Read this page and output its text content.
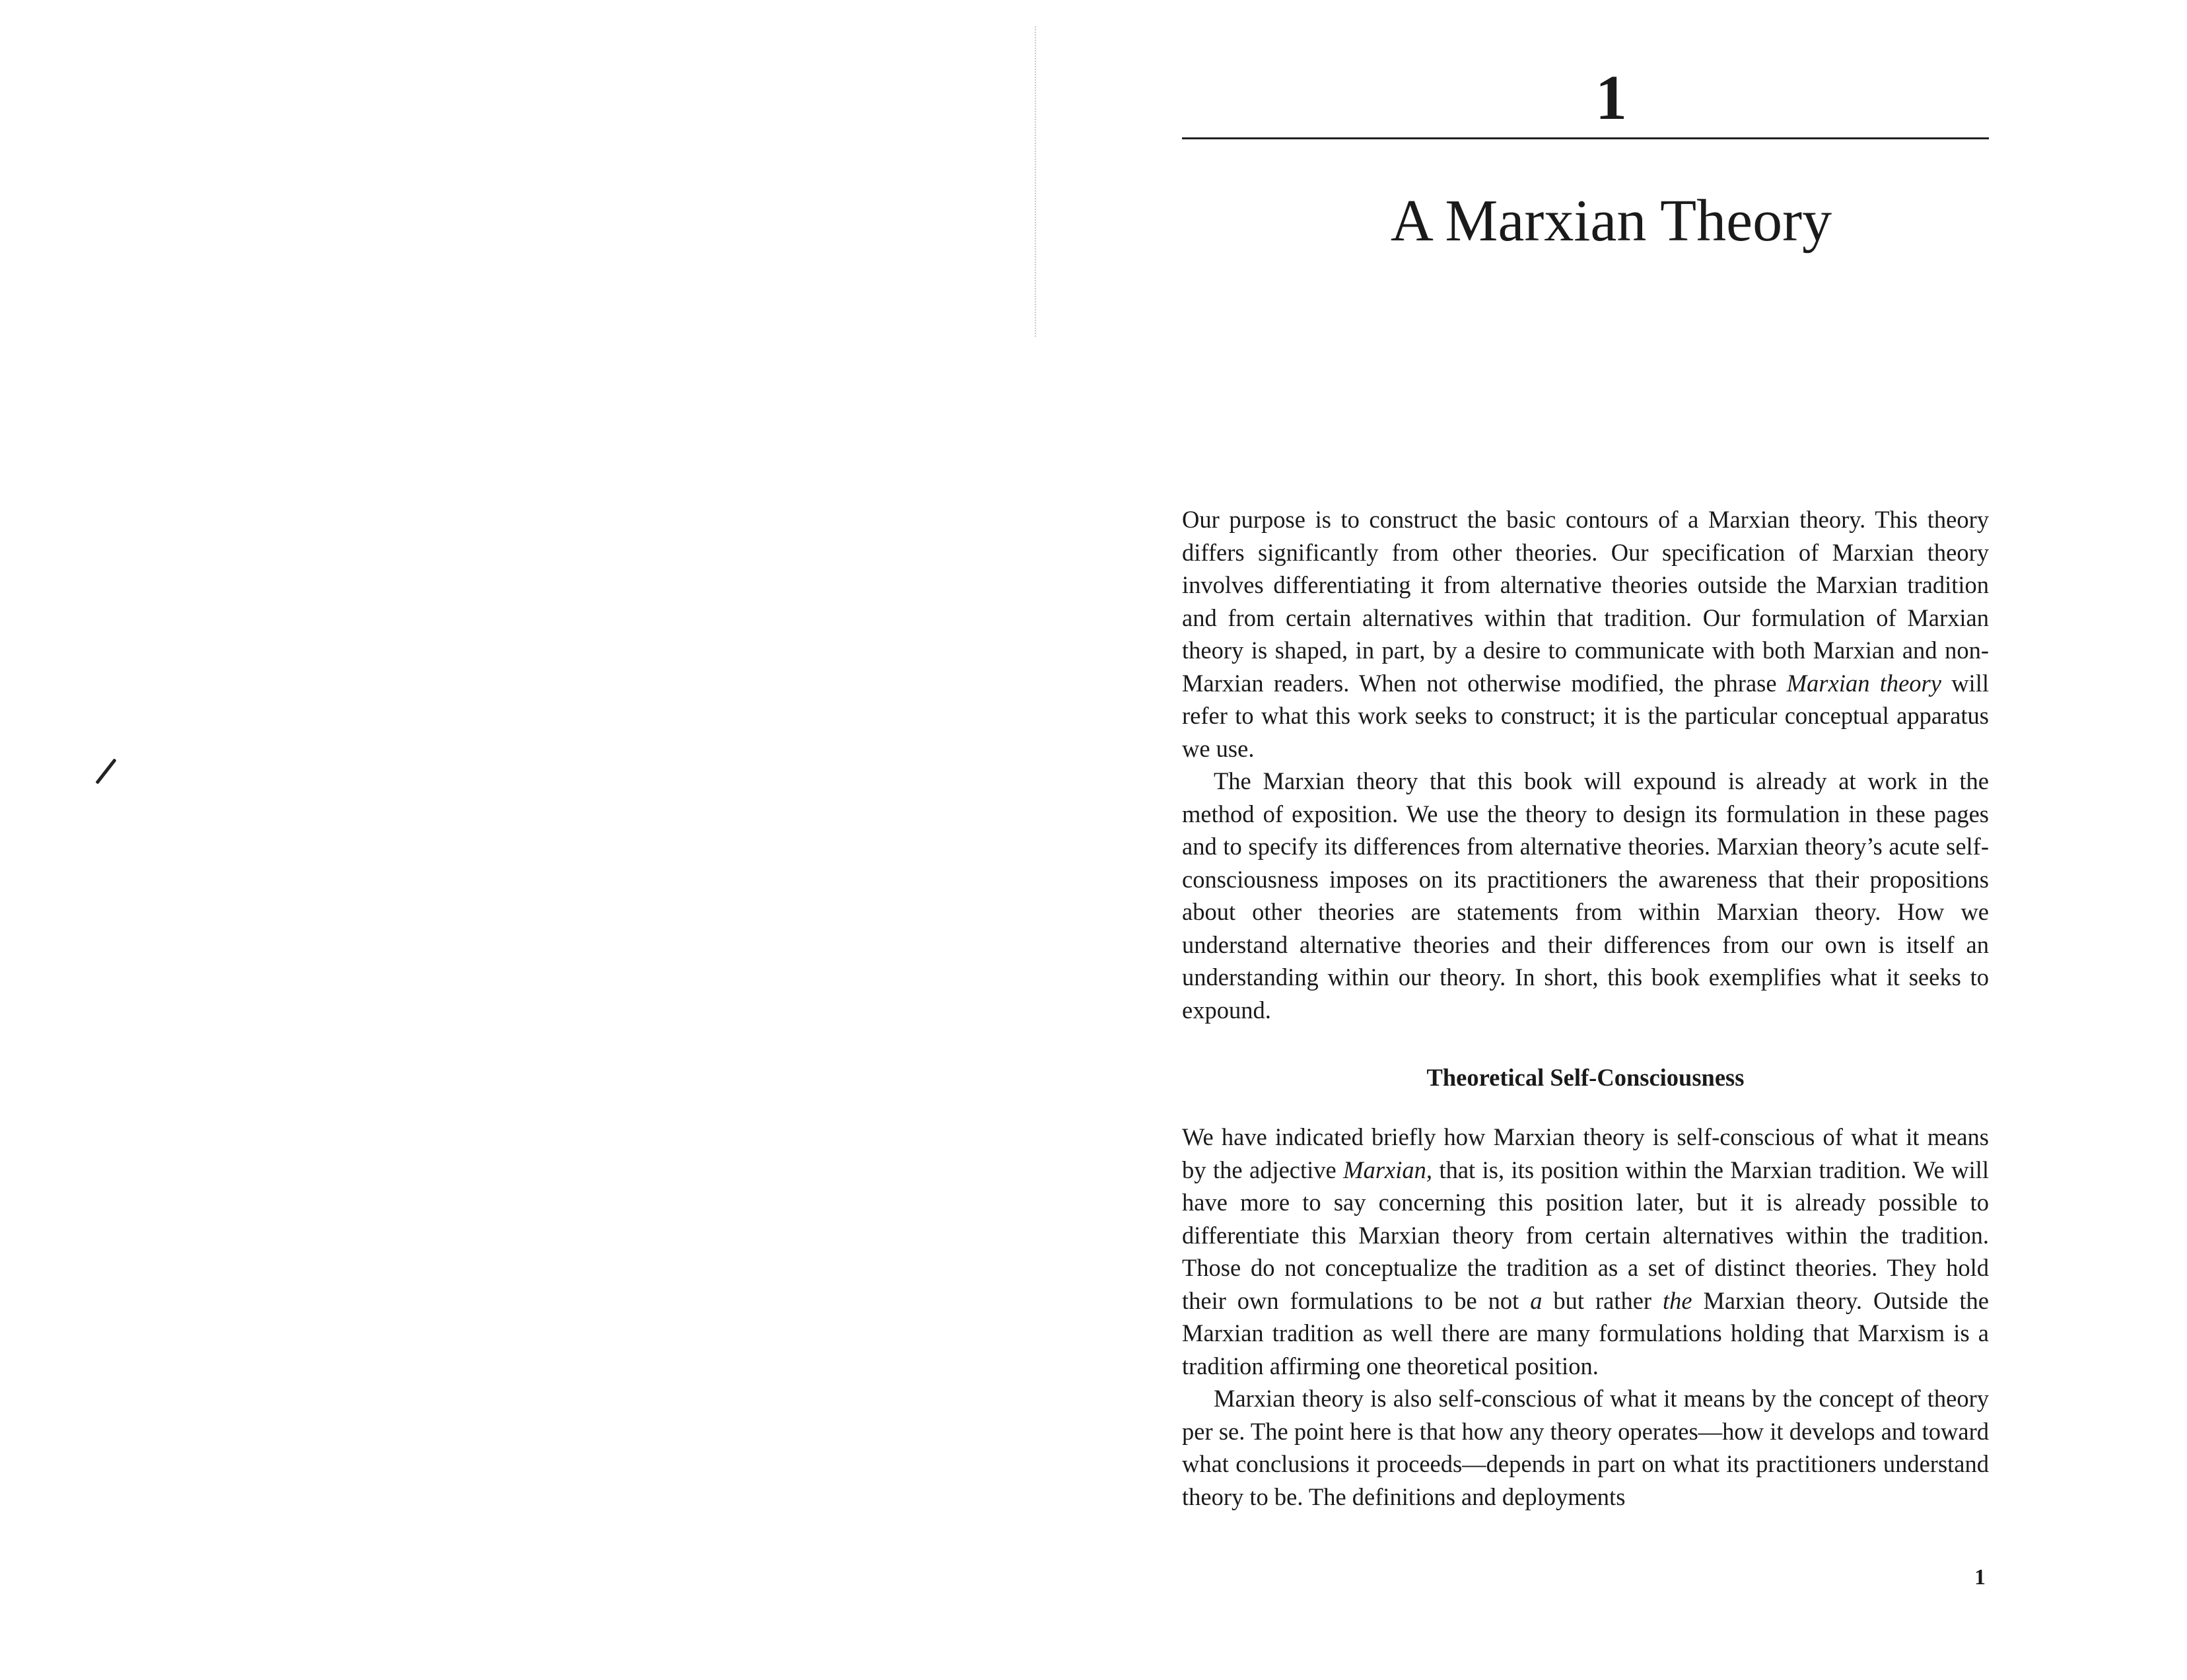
1
A Marxian Theory

Our purpose is to construct the basic contours of a Marxian theory. This theory differs significantly from other theories. Our specification of Marxian theory involves differentiating it from alternative theories outside the Marxian tradition and from certain alternatives within that tradition. Our formulation of Marxian theory is shaped, in part, by a desire to communicate with both Marxian and non-Marxian readers. When not otherwise modified, the phrase Marxian theory will refer to what this work seeks to construct; it is the particular conceptual apparatus we use.

The Marxian theory that this book will expound is already at work in the method of exposition. We use the theory to design its formulation in these pages and to specify its differences from alternative theories. Marxian theory’s acute self-consciousness imposes on its practitioners the awareness that their propositions about other theories are statements from within Marxian theory. How we understand alternative theories and their differences from our own is itself an understanding within our theory. In short, this book exemplifies what it seeks to expound.

Theoretical Self-Consciousness

We have indicated briefly how Marxian theory is self-conscious of what it means by the adjective Marxian, that is, its position within the Marxian tradition. We will have more to say concerning this position later, but it is already possible to differentiate this Marxian theory from certain alternatives within the tradition. Those do not conceptualize the tradition as a set of distinct theories. They hold their own formulations to be not a but rather the Marxian theory. Outside the Marxian tradition as well there are many formulations holding that Marxism is a tradition affirming one theoretical position.

Marxian theory is also self-conscious of what it means by the concept of theory per se. The point here is that how any theory operates—how it develops and toward what conclusions it proceeds—depends in part on what its practitioners understand theory to be. The definitions and deployments

1
